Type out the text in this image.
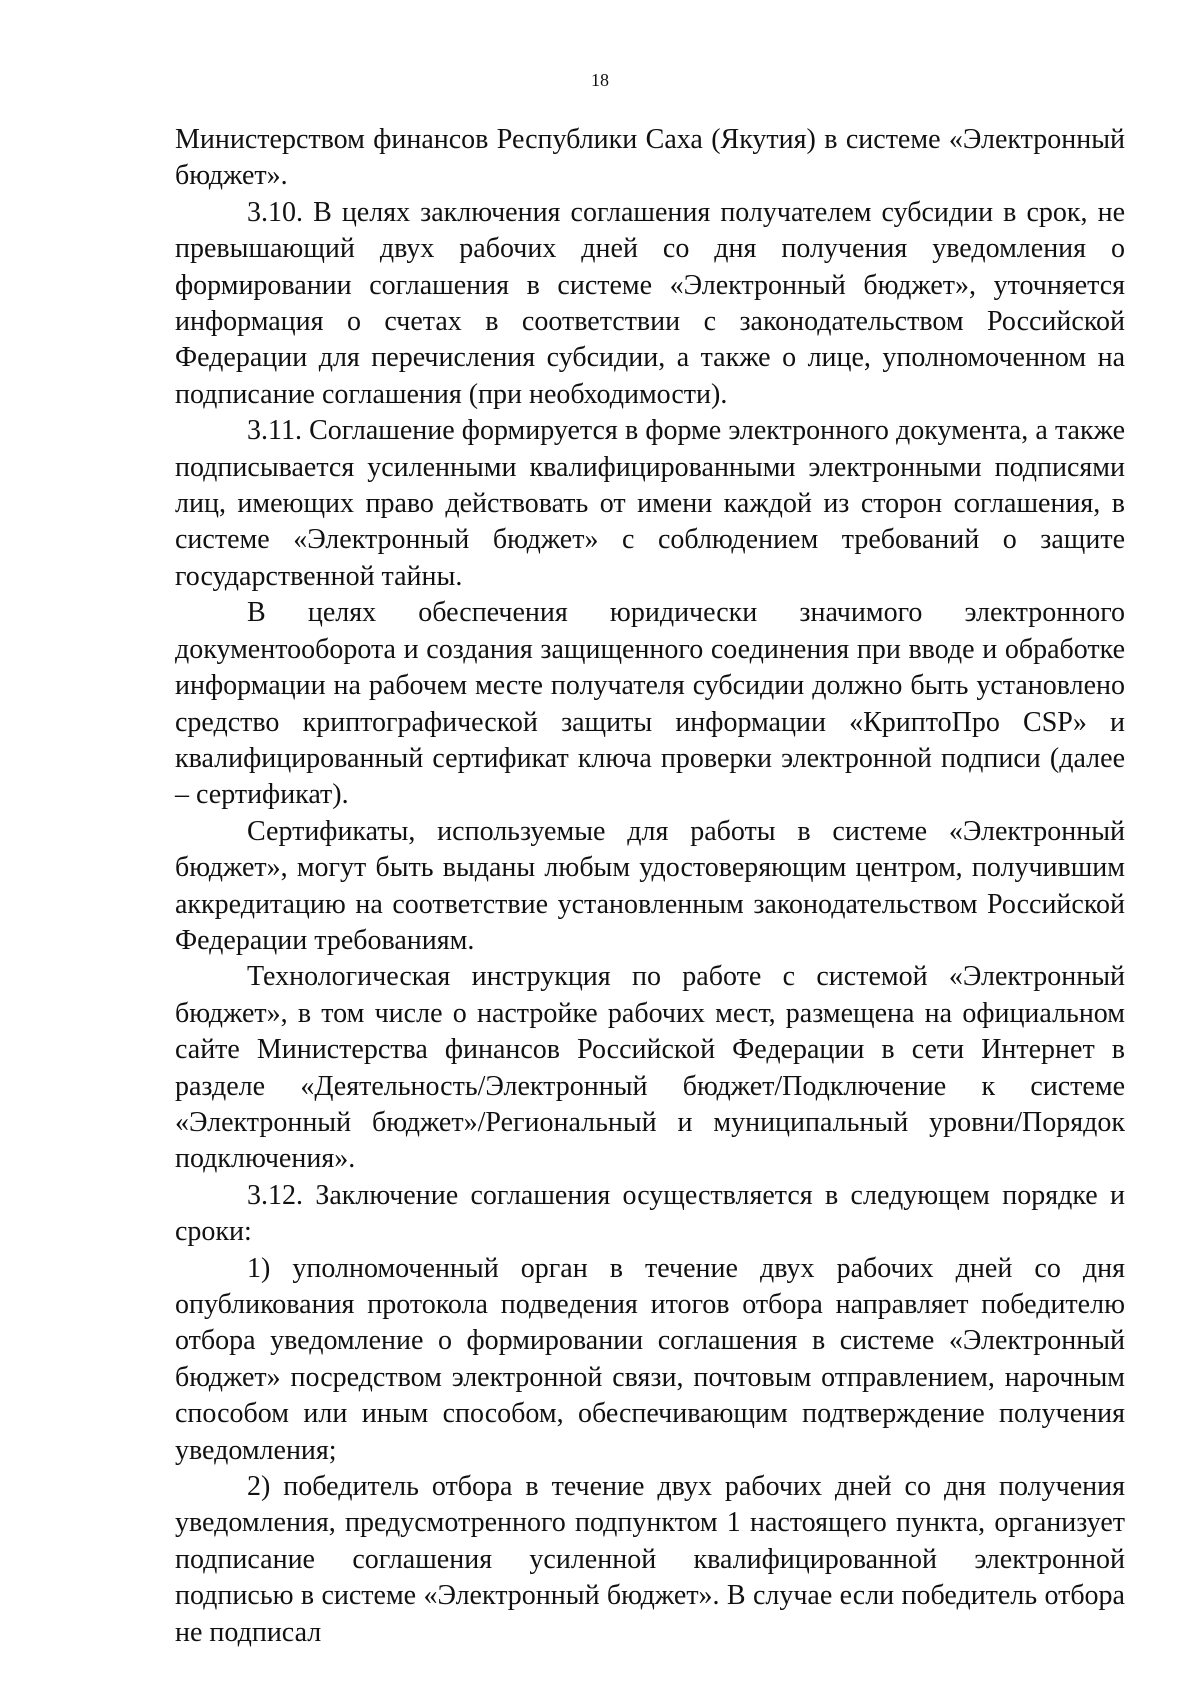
18

Министерством финансов Республики Саха (Якутия) в системе «Электронный бюджет».

3.10. В целях заключения соглашения получателем субсидии в срок, не превышающий двух рабочих дней со дня получения уведомления о формировании соглашения в системе «Электронный бюджет», уточняется информация о счетах в соответствии с законодательством Российской Федерации для перечисления субсидии, а также о лице, уполномоченном на подписание соглашения (при необходимости).

3.11. Соглашение формируется в форме электронного документа, а также подписывается усиленными квалифицированными электронными подписями лиц, имеющих право действовать от имени каждой из сторон соглашения, в системе «Электронный бюджет» с соблюдением требований о защите государственной тайны.

В целях обеспечения юридически значимого электронного документооборота и создания защищенного соединения при вводе и обработке информации на рабочем месте получателя субсидии должно быть установлено средство криптографической защиты информации «КриптоПро CSP» и квалифицированный сертификат ключа проверки электронной подписи (далее – сертификат).

Сертификаты, используемые для работы в системе «Электронный бюджет», могут быть выданы любым удостоверяющим центром, получившим аккредитацию на соответствие установленным законодательством Российской Федерации требованиям.

Технологическая инструкция по работе с системой «Электронный бюджет», в том числе о настройке рабочих мест, размещена на официальном сайте Министерства финансов Российской Федерации в сети Интернет в разделе «Деятельность/Электронный бюджет/Подключение к системе «Электронный бюджет»/Региональный и муниципальный уровни/Порядок подключения».

3.12. Заключение соглашения осуществляется в следующем порядке и сроки:

1) уполномоченный орган в течение двух рабочих дней со дня опубликования протокола подведения итогов отбора направляет победителю отбора уведомление о формировании соглашения в системе «Электронный бюджет» посредством электронной связи, почтовым отправлением, нарочным способом или иным способом, обеспечивающим подтверждение получения уведомления;

2) победитель отбора в течение двух рабочих дней со дня получения уведомления, предусмотренного подпунктом 1 настоящего пункта, организует подписание соглашения усиленной квалифицированной электронной подписью в системе «Электронный бюджет». В случае если победитель отбора не подписал
